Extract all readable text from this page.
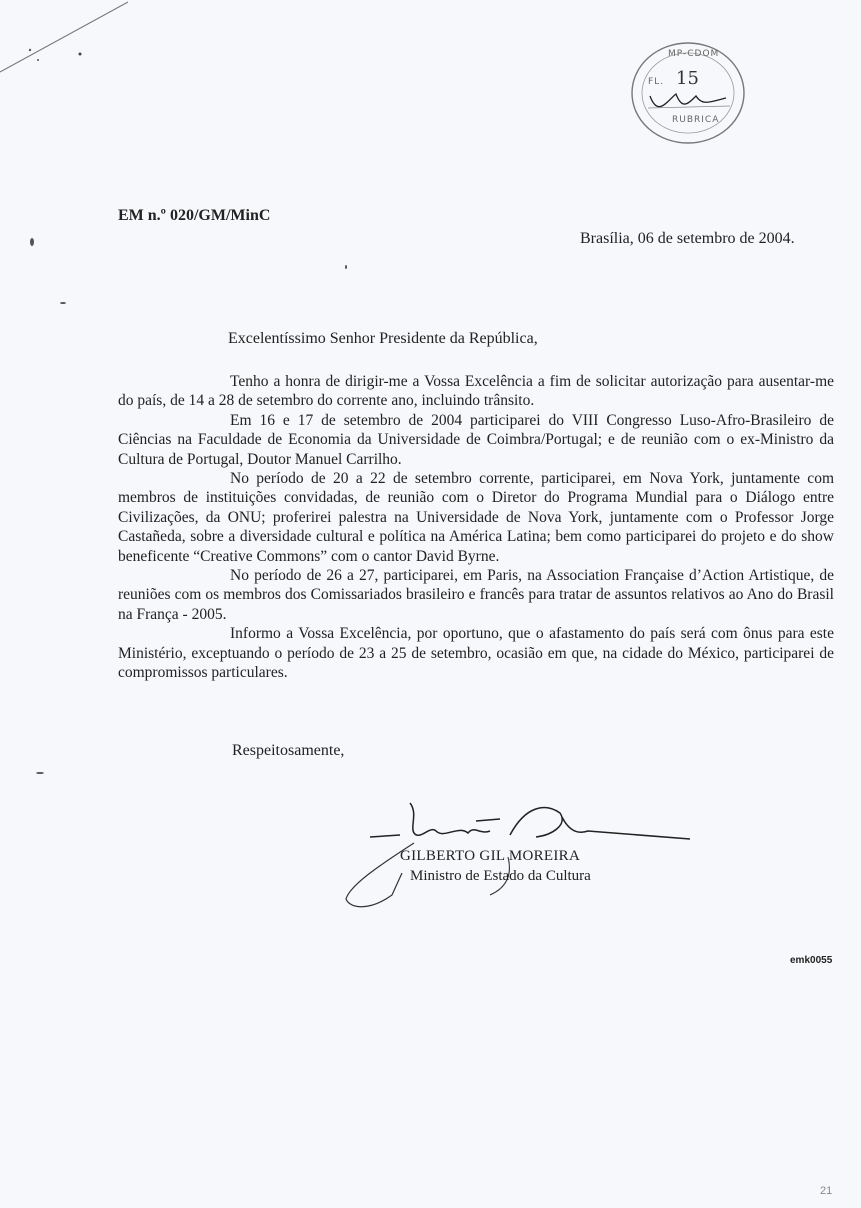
MP-CDOM
FL. 15
RUBRICA
EM n.º 020/GM/MinC
Brasília, 06 de setembro de 2004.
Excelentíssimo Senhor Presidente da República,

Tenho a honra de dirigir-me a Vossa Excelência a fim de solicitar autorização para ausentar-me do país, de 14 a 28 de setembro do corrente ano, incluindo trânsito.

Em 16 e 17 de setembro de 2004 participarei do VIII Congresso Luso-Afro-Brasileiro de Ciências na Faculdade de Economia da Universidade de Coimbra/Portugal; e de reunião com o ex-Ministro da Cultura de Portugal, Doutor Manuel Carrilho.

No período de 20 a 22 de setembro corrente, participarei, em Nova York, juntamente com membros de instituições convidadas, de reunião com o Diretor do Programa Mundial para o Diálogo entre Civilizações, da ONU; proferirei palestra na Universidade de Nova York, juntamente com o Professor Jorge Castañeda, sobre a diversidade cultural e política na América Latina; bem como participarei do projeto e do show beneficente “Creative Commons” com o cantor David Byrne.

No período de 26 a 27, participarei, em Paris, na Association Française d’Action Artistique, de reuniões com os membros dos Comissariados brasileiro e francês para tratar de assuntos relativos ao Ano do Brasil na França - 2005.

Informo a Vossa Excelência, por oportuno, que o afastamento do país será com ônus para este Ministério, exceptuando o período de 23 a 25 de setembro, ocasião em que, na cidade do México, participarei de compromissos particulares.

Respeitosamente,
GILBERTO GIL MOREIRA
Ministro de Estado da Cultura
emk0055
21
